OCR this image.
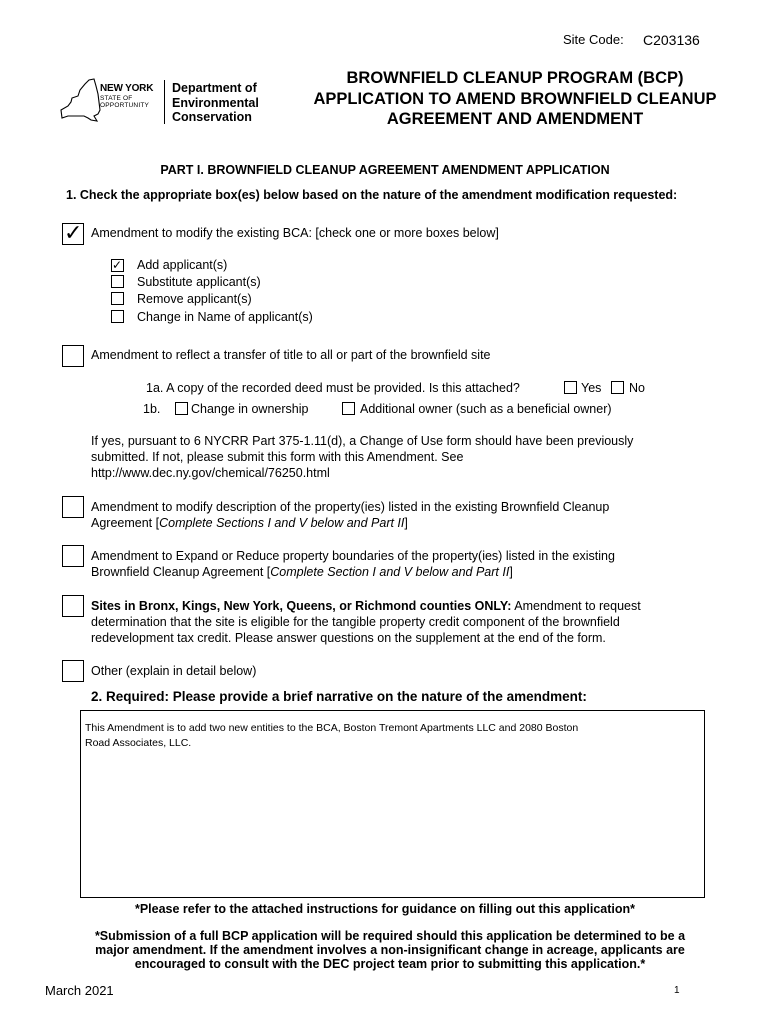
Site Code: C203136
NEW YORK
STATE OF
OPPORTUNITY
Department of
Environmental
Conservation
BROWNFIELD CLEANUP PROGRAM (BCP)
APPLICATION TO AMEND BROWNFIELD CLEANUP
AGREEMENT AND AMENDMENT
PART I. BROWNFIELD CLEANUP AGREEMENT AMENDMENT APPLICATION
1. Check the appropriate box(es) below based on the nature of the amendment modification requested:
✓ Amendment to modify the existing BCA: [check one or more boxes below]
✓ Add applicant(s)
Substitute applicant(s)
Remove applicant(s)
Change in Name of applicant(s)
Amendment to reflect a transfer of title to all or part of the brownfield site
1a. A copy of the recorded deed must be provided. Is this attached?	Yes No
1b. Change in ownership	Additional owner (such as a beneficial owner)
If yes, pursuant to 6 NYCRR Part 375-1.11(d), a Change of Use form should have been previously
submitted. If not, please submit this form with this Amendment. See
http://www.dec.ny.gov/chemical/76250.html
Amendment to modify description of the property(ies) listed in the existing Brownfield Cleanup
Agreement [Complete Sections I and V below and Part II]
Amendment to Expand or Reduce property boundaries of the property(ies) listed in the existing
Brownfield Cleanup Agreement [Complete Section I and V below and Part II]
Sites in Bronx, Kings, New York, Queens, or Richmond counties ONLY: Amendment to request
determination that the site is eligible for the tangible property credit component of the brownfield
redevelopment tax credit. Please answer questions on the supplement at the end of the form.
Other (explain in detail below)
2. Required: Please provide a brief narrative on the nature of the amendment:
This Amendment is to add two new entities to the BCA, Boston Tremont Apartments LLC and 2080 Boston
Road Associates, LLC.
*Please refer to the attached instructions for guidance on filling out this application*
*Submission of a full BCP application will be required should this application be determined to be a
major amendment. If the amendment involves a non-insignificant change in acreage, applicants are
encouraged to consult with the DEC project team prior to submitting this application.*
March 2021	1
